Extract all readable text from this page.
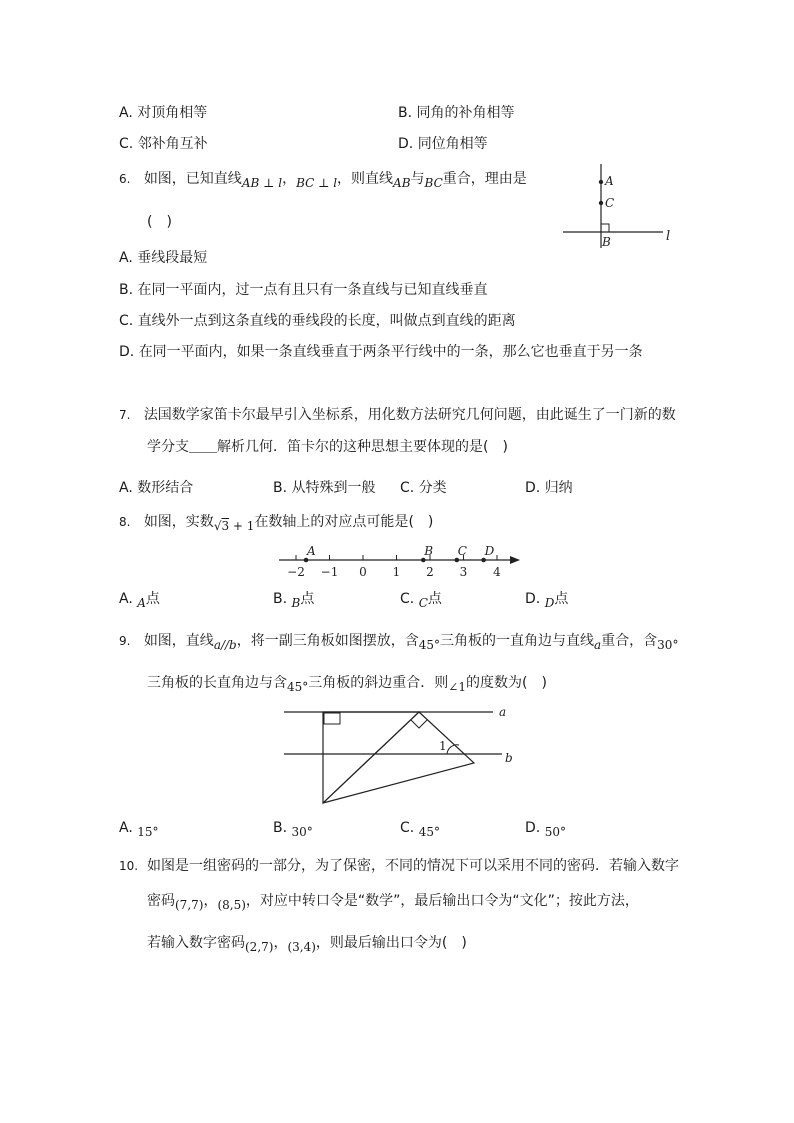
A. 对顶角相等	B. 同角的补角相等
C. 邻补角互补	D. 同位角相等
6. 如图，已知直线AB ⊥ l，BC ⊥ l，则直线AB与BC重合，理由是
(　)
A
C
B	l
A. 垂线段最短
B. 在同一平面内，过一点有且只有一条直线与已知直线垂直
C. 直线外一点到这条直线的垂线段的长度，叫做点到直线的距离
D. 在同一平面内，如果一条直线垂直于两条平行线中的一条，那么它也垂直于另一条
7. 法国数学家笛卡尔最早引入坐标系，用化数方法研究几何问题，由此诞生了一门新的数
学分支＿＿解析几何．笛卡尔的这种思想主要体现的是(　)
A. 数形结合	B. 从特殊到一般 C. 分类	D. 归纳
8. 如图，实数√3 + 1在数轴上的对应点可能是(　)
−2 −1 0 1 2 3 4
A	B C D
A. A点	B. B点	C. C点	D. D点
9. 如图，直线a//b，将一副三角板如图摆放，含45°三角板的一直角边与直线a重合，含30°
三角板的长直角边与含45°三角板的斜边重合．则∠1的度数为(　)
1
a
b
A. 15°	B. 30°	C. 45°	D. 50°
10. 如图是一组密码的一部分，为了保密，不同的情况下可以采用不同的密码．若输入数字
密码(7,7)，(8,5)，对应中转口令是“数学”，最后输出口令为“文化”；按此方法，
若输入数字密码(2,7)，(3,4)，则最后输出口令为(　)
